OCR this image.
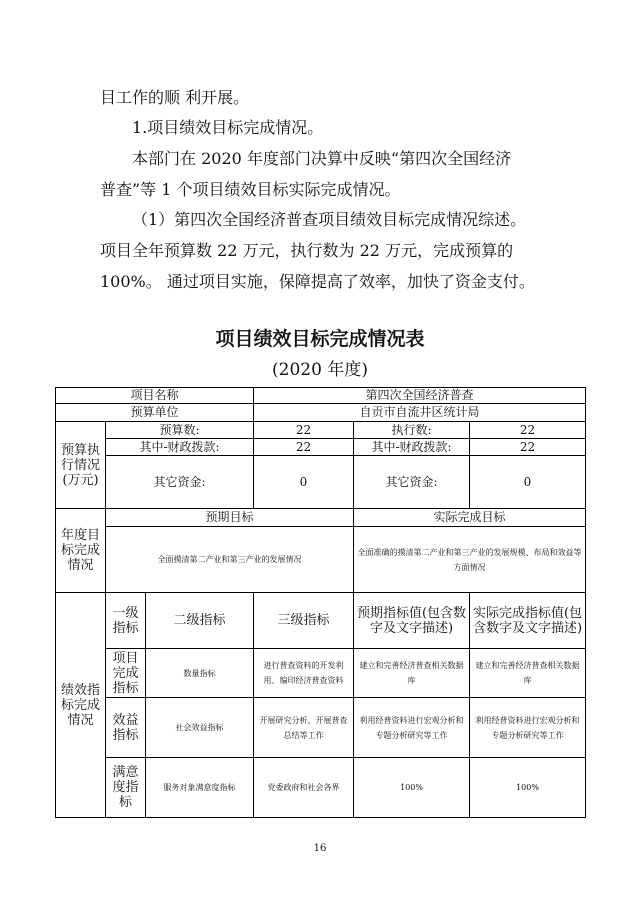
目工作的顺 利开展。
1.项目绩效目标完成情况。
本部门在 2020 年度部门决算中反映“第四次全国经济
普查”等 1 个项目绩效目标实际完成情况。
（1）第四次全国经济普查项目绩效目标完成情况综述。
项目全年预算数 22 万元，执行数为 22 万元，完成预算的
100%。 通过项目实施，保障提高了效率，加快了资金支付。
项目绩效目标完成情况表
(2020 年度)
项目名称			第四次全国经济普查		
预算单位			自贡市自流井区统计局		
预算执行情况(万元)	预算数:		22	执行数:	22
	其中-财政拨款:		22	其中-财政拨款:	22
	其它资金:		0	其它资金:	0
年度目标完成情况	预期目标			实际完成目标	
	全面摸清第二产业和第三产业的发展情况			全面准确的摸清第二产业和第三产业的发展规模、布局和效益等方面情况	
绩效指标完成情况	一级指标	二级指标	三级指标	预期指标值(包含数字及文字描述)	实际完成指标值(包含数字及文字描述)
	项目完成指标	数量指标	进行普查资料的开发利用、编印经济普查资料	建立和完善经济普查相关数据库	建立和完善经济普查相关数据库
	效益指标	社会效益指标	开展研究分析、开展普查总结等工作	利用经普资料进行宏观分析和专题分析研究等工作	利用经普资料进行宏观分析和专题分析研究等工作
	满意度指标	服务对象满意度指标	党委政府和社会各界	100%	100%
16
